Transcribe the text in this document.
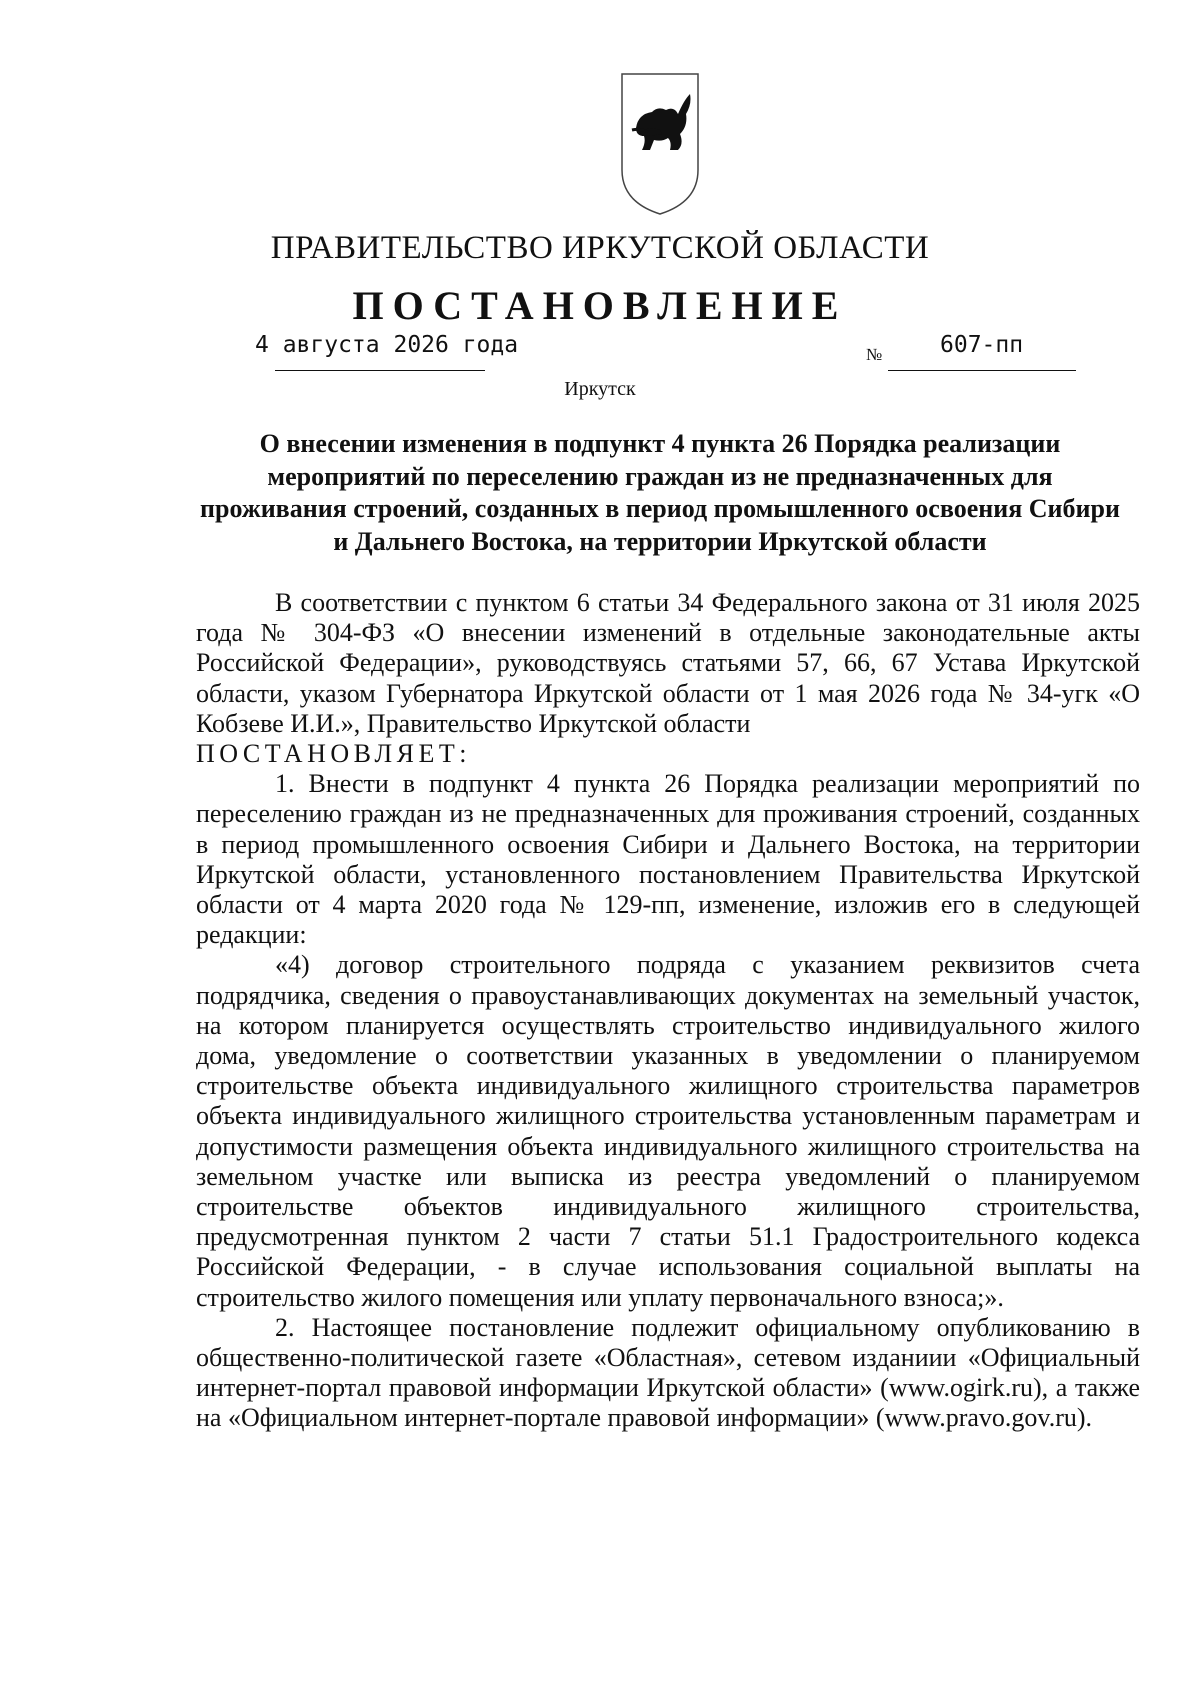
ПРАВИТЕЛЬСТВО ИРКУТСКОЙ ОБЛАСТИ
ПОСТАНОВЛЕНИЕ
4 августа 2026 года	№	607-пп
Иркутск
О внесении изменения в подпункт 4 пункта 26 Порядка реализации мероприятий по переселению граждан из не предназначенных для проживания строений, созданных в период промышленного освоения Сибири и Дальнего Востока, на территории Иркутской области

В соответствии с пунктом 6 статьи 34 Федерального закона от 31 июля 2025 года № 304-ФЗ «О внесении изменений в отдельные законодательные акты Российской Федерации», руководствуясь статьями 57, 66, 67 Устава Иркутской области, указом Губернатора Иркутской области от 1 мая 2026 года № 34-угк «О Кобзеве И.И.», Правительство Иркутской области

ПОСТАНОВЛЯЕТ:

1. Внести в подпункт 4 пункта 26 Порядка реализации мероприятий по переселению граждан из не предназначенных для проживания строений, созданных в период промышленного освоения Сибири и Дальнего Востока, на территории Иркутской области, установленного постановлением Правительства Иркутской области от 4 марта 2020 года № 129-пп, изменение, изложив его в следующей редакции:

«4) договор строительного подряда с указанием реквизитов счета подрядчика, сведения о правоустанавливающих документах на земельный участок, на котором планируется осуществлять строительство индивидуального жилого дома, уведомление о соответствии указанных в уведомлении о планируемом строительстве объекта индивидуального жилищного строительства параметров объекта индивидуального жилищного строительства установленным параметрам и допустимости размещения объекта индивидуального жилищного строительства на земельном участке или выписка из реестра уведомлений о планируемом строительстве объектов индивидуального жилищного строительства, предусмотренная пунктом 2 части 7 статьи 51.1 Градостроительного кодекса Российской Федерации, - в случае использования социальной выплаты на строительство жилого помещения или уплату первоначального взноса;».

2. Настоящее постановление подлежит официальному опубликованию в общественно-политической газете «Областная», сетевом изданиии «Официальный интернет-портал правовой информации Иркутской области» (www.ogirk.ru), а также на «Официальном интернет-портале правовой информации» (www.pravo.gov.ru).
